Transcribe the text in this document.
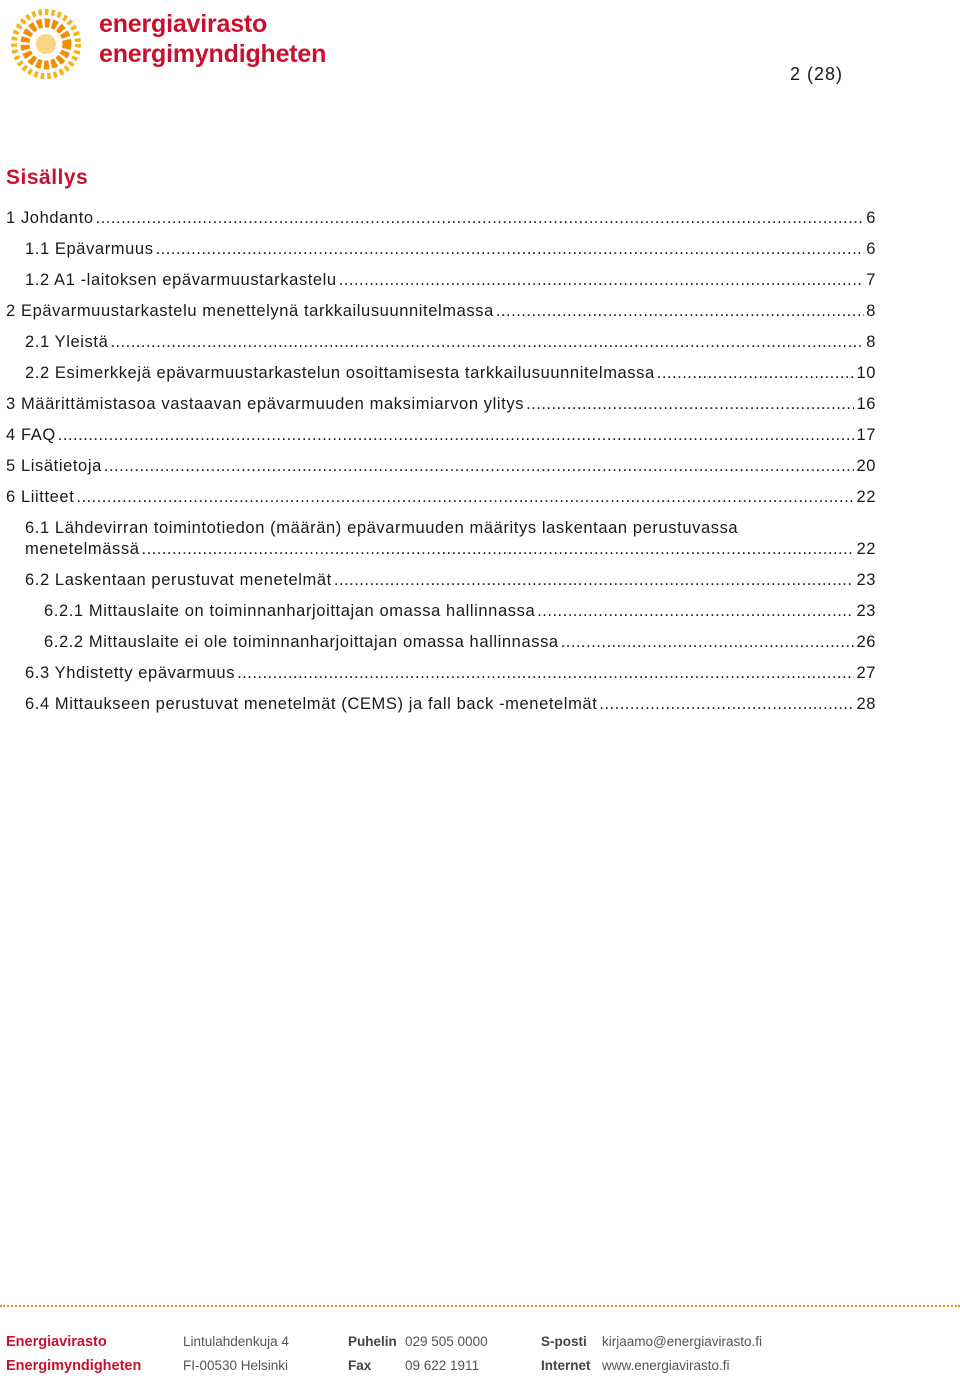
energiavirasto
energimyndigheten
2 (28)
Sisällys
1 Johdanto .....	6
1.1 Epävarmuus .....	6
1.2 A1 -laitoksen epävarmuustarkastelu .....	7
2 Epävarmuustarkastelu menettelynä tarkkailusuunnitelmassa .....	8
2.1 Yleistä .....	8
2.2 Esimerkkejä epävarmuustarkastelun osoittamisesta tarkkailusuunnitelmassa .....	10
3 Määrittämistasoa vastaavan epävarmuuden maksimiarvon ylitys .....	16
4 FAQ .....	17
5 Lisätietoja .....	20
6 Liitteet .....	22
6.1 Lähdevirran toimintotiedon (määrän) epävarmuuden määritys laskentaan perustuvassa
menetelmässä .....	22
6.2 Laskentaan perustuvat menetelmät .....	23
6.2.1 Mittauslaite on toiminnanharjoittajan omassa hallinnassa .....	23
6.2.2 Mittauslaite ei ole toiminnanharjoittajan omassa hallinnassa .....	26
6.3 Yhdistetty epävarmuus .....	27
6.4 Mittaukseen perustuvat menetelmät (CEMS) ja fall back -menetelmät .....	28
Energiavirasto
Energimyndigheten
Lintulahdenkuja 4
FI-00530 Helsinki
Puhelin 029 505 0000
Fax 09 622 1911
S-posti kirjaamo@energiavirasto.fi
Internet www.energiavirasto.fi
